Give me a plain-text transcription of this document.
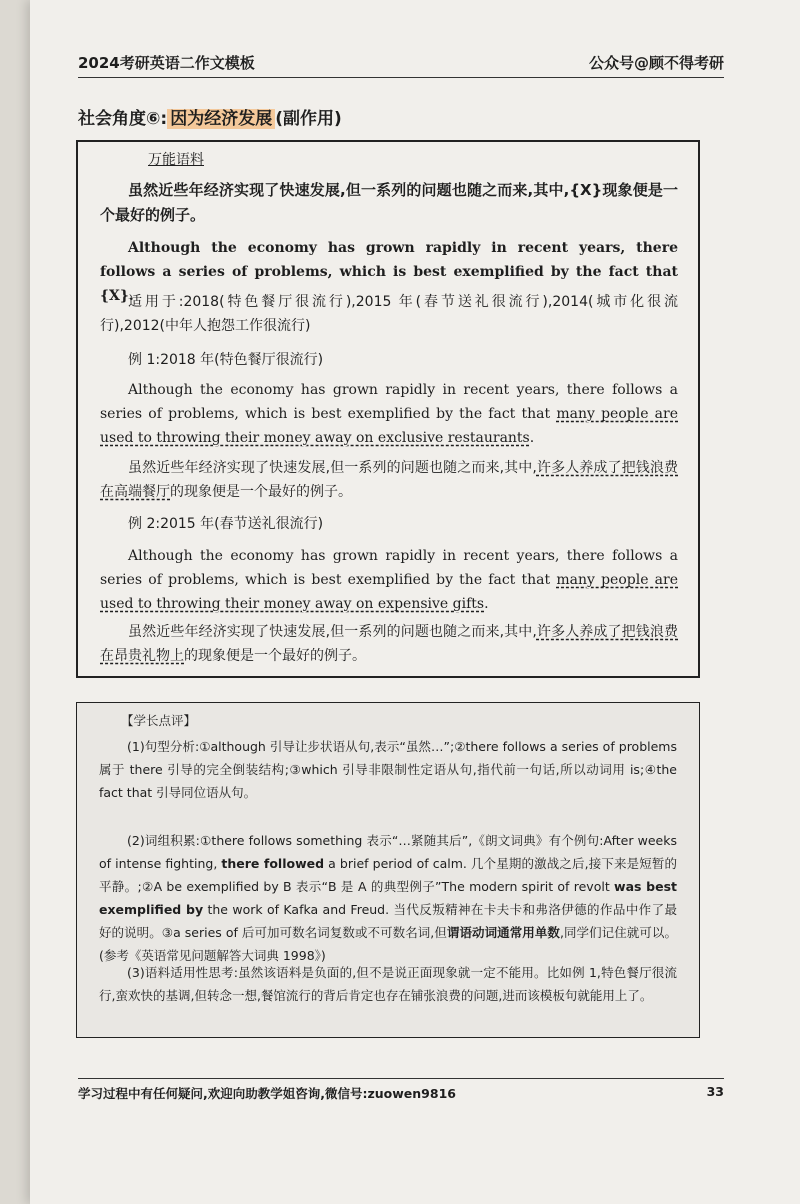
2024考研英语二作文模板	公众号@顾不得考研
社会角度⑥: 因为经济发展 (副作用)

万能语料

虽然近些年经济实现了快速发展,但一系列的问题也随之而来,其中,{X}现象便是一个最好的例子。

Although the economy has grown rapidly in recent years, there follows a series of problems, which is best exemplified by the fact that {X}.

适用于:2018(特色餐厅很流行),2015 年(春节送礼很流行),2014(城市化很流行),2012(中年人抱怨工作很流行)

例 1:2018 年(特色餐厅很流行)

Although the economy has grown rapidly in recent years, there follows a series of problems, which is best exemplified by the fact that many people are used to throwing their money away on exclusive restaurants.

虽然近些年经济实现了快速发展,但一系列的问题也随之而来,其中,许多人养成了把钱浪费在高端餐厅的现象便是一个最好的例子。

例 2:2015 年(春节送礼很流行)

Although the economy has grown rapidly in recent years, there follows a series of problems, which is best exemplified by the fact that many people are used to throwing their money away on expensive gifts.

虽然近些年经济实现了快速发展,但一系列的问题也随之而来,其中,许多人养成了把钱浪费在昂贵礼物上的现象便是一个最好的例子。

【学长点评】

(1)句型分析:①although 引导让步状语从句,表示“虽然…”;②there follows a series of problems 属于 there 引导的完全倒装结构;③which 引导非限制性定语从句,指代前一句话,所以动词用 is;④the fact that 引导同位语从句。

(2)词组积累:①there follows something 表示“…紧随其后”,《朗文词典》有个例句:After weeks of intense fighting, there followed a brief period of calm. 几个星期的激战之后,接下来是短暂的平静。;②A be exemplified by B 表示“B 是 A 的典型例子”The modern spirit of revolt was best exemplified by the work of Kafka and Freud. 当代反叛精神在卡夫卡和弗洛伊德的作品中作了最好的说明。③a series of 后可加可数名词复数或不可数名词,但谓语动词通常用单数,同学们记住就可以。(参考《英语常见问题解答大词典 1998》)

(3)语料适用性思考:虽然该语料是负面的,但不是说正面现象就一定不能用。比如例 1,特色餐厅很流行,蛮欢快的基调,但转念一想,餐馆流行的背后肯定也存在铺张浪费的问题,进而该模板句就能用上了。

学习过程中有任何疑问,欢迎向助教学姐咨询,微信号:zuowen9816	33
